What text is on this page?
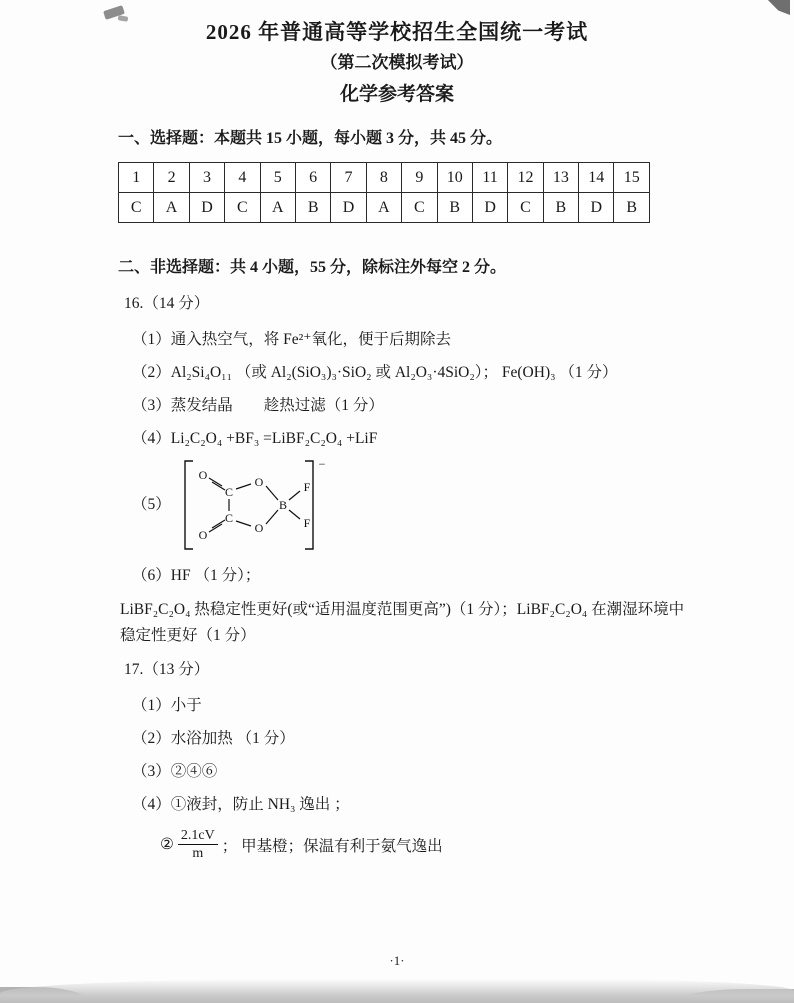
2026 年普通高等学校招生全国统一考试
（第二次模拟考试）
化学参考答案
一、选择题：本题共 15 小题，每小题 3 分，共 45 分。
1	2	3	4	5	6	7	8	9	10	11	12	13	14	15
C	A	D	C	A	B	D	A	C	B	D	C	B	D	B
二、非选择题：共 4 小题，55 分，除标注外每空 2 分。
16.（14 分）
（1）通入热空气，将 Fe²⁺氧化，便于后期除去
（2）Al₂Si₄O₁₁ （或 Al₂(SiO₃)₃·SiO₂ 或 Al₂O₃·4SiO₂）； Fe(OH)₃ （1 分）
（3）蒸发结晶　　趁热过滤（1 分）
（4）Li₂C₂O₄ +BF₃ =LiBF₂C₂O₄ +LiF
（5）
−
O
C
O
B
F
C
O	O	F
（6）HF （1 分）；
LiBF₂C₂O₄ 热稳定性更好(或“适用温度范围更高”)（1 分）；LiBF₂C₂O₄ 在潮湿环境中稳定性更好（1 分）
17.（13 分）
（1）小于
（2）水浴加热 （1 分）
（3）②④⑥
（4）①液封，防止 NH₃ 逸出 ；
② $\frac{2.1cV}{m}$ ； 甲基橙；保温有利于氨气逸出
·1·
